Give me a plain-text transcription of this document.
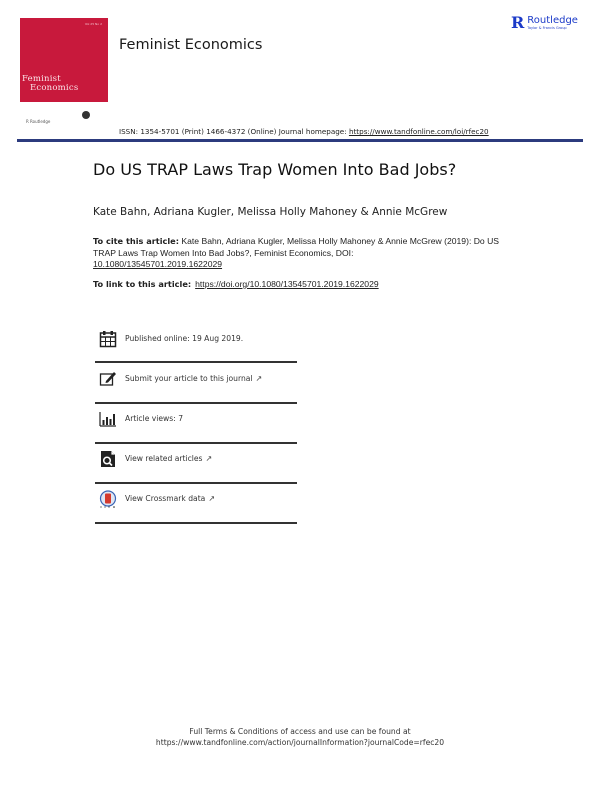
Vol 25 No 2
Feminist
Economics
R Routledge
Feminist Economics
R Routledge
Taylor & Francis Group
ISSN: 1354-5701 (Print) 1466-4372 (Online) Journal homepage: https://www.tandfonline.com/loi/rfec20
Do US TRAP Laws Trap Women Into Bad Jobs?
Kate Bahn, Adriana Kugler, Melissa Holly Mahoney & Annie McGrew
To cite this article: Kate Bahn, Adriana Kugler, Melissa Holly Mahoney & Annie McGrew (2019): Do US TRAP Laws Trap Women Into Bad Jobs?, Feminist Economics, DOI:
10.1080/13545701.2019.1622029
To link to this article: https://doi.org/10.1080/13545701.2019.1622029
Published online: 19 Aug 2019.
Submit your article to this journal ↗
Article views: 7
View related articles ↗
View Crossmark data ↗
Full Terms & Conditions of access and use can be found at
https://www.tandfonline.com/action/journalInformation?journalCode=rfec20
